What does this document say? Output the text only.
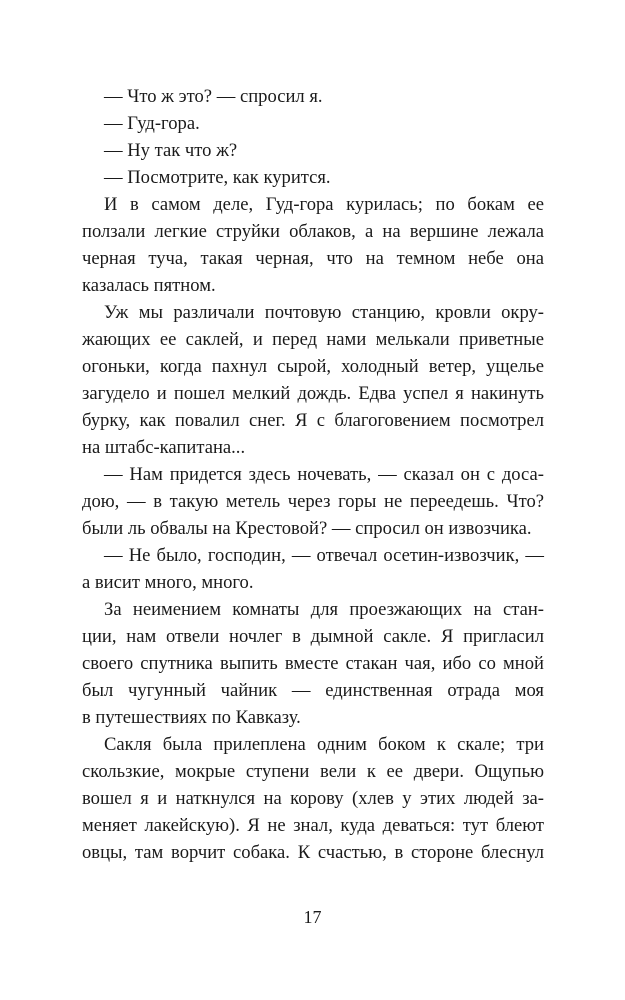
— Что ж это? — спросил я.
— Гуд-гора.
— Ну так что ж?
— Посмотрите, как курится.
И в самом деле, Гуд-гора курилась; по бокам ее
ползали легкие струйки облаков, а на вершине лежала
черная туча, такая черная, что на темном небе она
казалась пятном.
Уж мы различали почтовую станцию, кровли окру-
жающих ее саклей, и перед нами мелькали приветные
огоньки, когда пахнул сырой, холодный ветер, ущелье
загудело и пошел мелкий дождь. Едва успел я накинуть
бурку, как повалил снег. Я с благоговением посмотрел
на штабс-капитана...
— Нам придется здесь ночевать, — сказал он с доса-
дою, — в такую метель через горы не переедешь. Что?
были ль обвалы на Крестовой? — спросил он извозчика.
— Не было, господин, — отвечал осетин-извозчик, —
а висит много, много.
За неимением комнаты для проезжающих на стан-
ции, нам отвели ночлег в дымной сакле. Я пригласил
своего спутника выпить вместе стакан чая, ибо со мной
был чугунный чайник — единственная отрада моя
в путешествиях по Кавказу.
Сакля была прилеплена одним боком к скале; три
скользкие, мокрые ступени вели к ее двери. Ощупью
вошел я и наткнулся на корову (хлев у этих людей за-
меняет лакейскую). Я не знал, куда деваться: тут блеют
овцы, там ворчит собака. К счастью, в стороне блеснул
17
